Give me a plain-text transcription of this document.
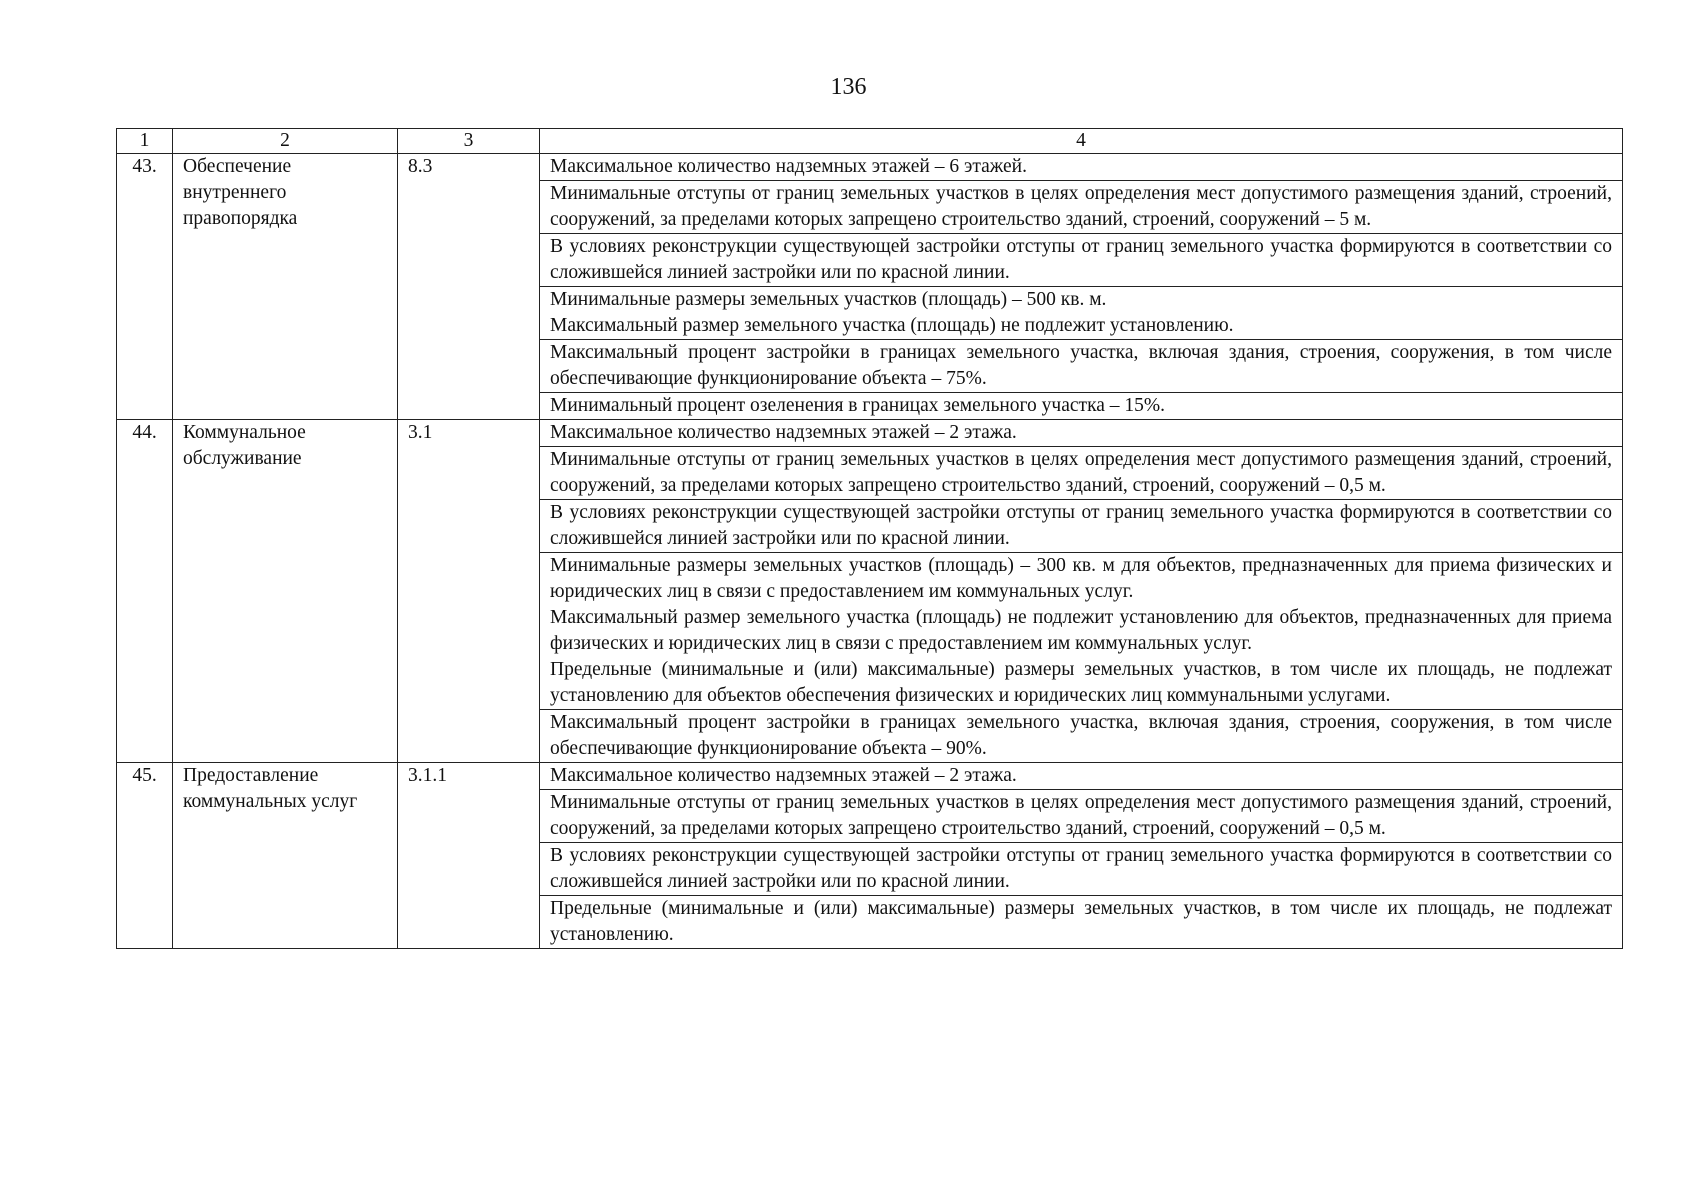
136
1	2	3	4
43.	Обеспечение внутреннего правопорядка	8.3	Максимальное количество надземных этажей – 6 этажей.

			Минимальные отступы от границ земельных участков в целях определения мест допустимого размещения зданий, строений, сооружений, за пределами которых запрещено строительство зданий, строений, сооружений – 5 м.

			В условиях реконструкции существующей застройки отступы от границ земельного участка формируются в соответствии со сложившейся линией застройки или по красной линии.

			Минимальные размеры земельных участков (площадь) – 500 кв. м.
Максимальный размер земельного участка (площадь) не подлежит установлению.

			Максимальный процент застройки в границах земельного участка, включая здания, строения, сооружения, в том числе обеспечивающие функционирование объекта – 75%.

			Минимальный процент озеленения в границах земельного участка – 15%.

44.	Коммунальное обслуживание	3.1	Максимальное количество надземных этажей – 2 этажа.

			Минимальные отступы от границ земельных участков в целях определения мест допустимого размещения зданий, строений, сооружений, за пределами которых запрещено строительство зданий, строений, сооружений – 0,5 м.

			В условиях реконструкции существующей застройки отступы от границ земельного участка формируются в соответствии со сложившейся линией застройки или по красной линии.

			Минимальные размеры земельных участков (площадь) – 300 кв. м для объектов, предназначенных для приема физических и юридических лиц в связи с предоставлением им коммунальных услуг.
Максимальный размер земельного участка (площадь) не подлежит установлению для объектов, предназначенных для приема физических и юридических лиц в связи с предоставлением им коммунальных услуг.
Предельные (минимальные и (или) максимальные) размеры земельных участков, в том числе их площадь, не подлежат установлению для объектов обеспечения физических и юридических лиц коммунальными услугами.

			Максимальный процент застройки в границах земельного участка, включая здания, строения, сооружения, в том числе обеспечивающие функционирование объекта – 90%.

45.	Предоставление коммунальных услуг	3.1.1	Максимальное количество надземных этажей – 2 этажа.

			Минимальные отступы от границ земельных участков в целях определения мест допустимого размещения зданий, строений, сооружений, за пределами которых запрещено строительство зданий, строений, сооружений – 0,5 м.

			В условиях реконструкции существующей застройки отступы от границ земельного участка формируются в соответствии со сложившейся линией застройки или по красной линии.

			Предельные (минимальные и (или) максимальные) размеры земельных участков, в том числе их площадь, не подлежат установлению.
